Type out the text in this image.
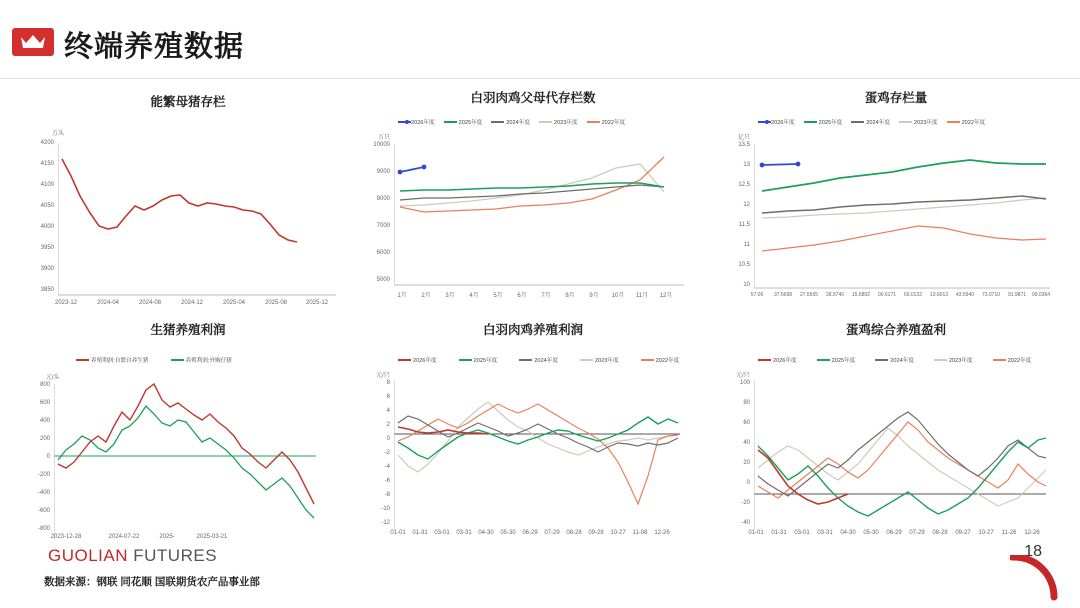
终端养殖数据
能繁母猪存栏
万头
4200
4150
4100
4050
4000
3950
3900
3850
2023-12	2024-04	2024-08	2024-12	2025-04	2025-08	2025-12
白羽肉鸡父母代存栏数
2026年度	2025年度	2024年度	2023年度	2022年度
万只
10000
9000
8000
7000
6000
5000
1月	2月	3月	4月	5月	6月	7月	8月	9月	10月	11月	12月
蛋鸡存栏量
2026年度	2025年度	2024年度	2023年度	2022年度
亿只
13.5
13
12.5
12
11.5
11
10.5
10
57.06	37.5698	27.5565	28.5740	15.6802	00.6171	69.0132	13.6013	43.5940	73.0710	91.9871	99.0364
生猪养殖利润
养殖利润:自繁自养生猪	养殖利润:外购仔猪
元/头
800
600
400
200
0
-200
-400
-600
-800
2023-12-28	2024-07-22	2025-	2025-03-21
白羽肉鸡养殖利润
2026年度	2025年度	2024年度	2023年度	2022年度
元/只
8
6
4
2
0
-2
-4
-6
-8
-10
-12
01-01	01-31	03-01	03-31	04-30	05-30	06-29	07-29	08-28	09-28	10-27	11-08	12-26
蛋鸡综合养殖盈利
2026年度	2025年度	2024年度	2023年度	2022年度
元/只
100
80
60
40
20
0
-20
-40
01-01	01-31	03-01	03-31	04-30	05-30	06-29	07-29	08-28	09-27	10-27	11-26	12-26
GUOLIAN FUTURES
数据来源：钢联 同花顺 国联期货农产品事业部
18
